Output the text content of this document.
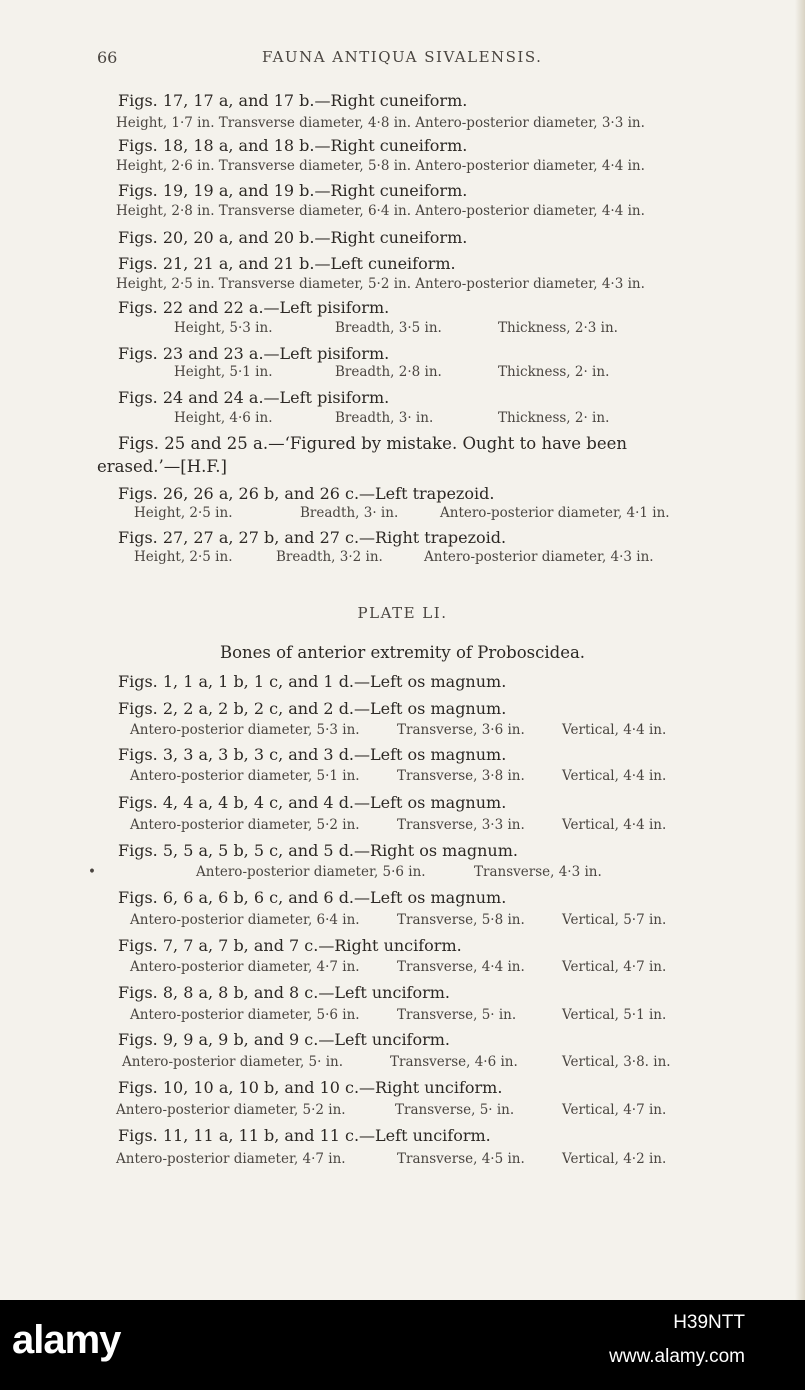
66	FAUNA ANTIQUA SIVALENSIS.
Figs. 17, 17 a, and 17 b.—Right cuneiform.
Height, 1·7 in. Transverse diameter, 4·8 in. Antero-posterior diameter, 3·3 in.
Figs. 18, 18 a, and 18 b.—Right cuneiform.
Height, 2·6 in. Transverse diameter, 5·8 in. Antero-posterior diameter, 4·4 in.
Figs. 19, 19 a, and 19 b.—Right cuneiform.
Height, 2·8 in. Transverse diameter, 6·4 in. Antero-posterior diameter, 4·4 in.
Figs. 20, 20 a, and 20 b.—Right cuneiform.
Figs. 21, 21 a, and 21 b.—Left cuneiform.
Height, 2·5 in. Transverse diameter, 5·2 in. Antero-posterior diameter, 4·3 in.
Figs. 22 and 22 a.—Left pisiform.
Height, 5·3 in.	Breadth, 3·5 in.	Thickness, 2·3 in.
Figs. 23 and 23 a.—Left pisiform.
Height, 5·1 in.	Breadth, 2·8 in.	Thickness, 2· in.
Figs. 24 and 24 a.—Left pisiform.
Height, 4·6 in.	Breadth, 3· in.	Thickness, 2· in.
Figs. 25 and 25 a.—‘Figured by mistake. Ought to have been
erased.’—[H.F.]
Figs. 26, 26 a, 26 b, and 26 c.—Left trapezoid.
Height, 2·5 in.	Breadth, 3· in.	Antero-posterior diameter, 4·1 in.
Figs. 27, 27 a, 27 b, and 27 c.—Right trapezoid.
Height, 2·5 in.	Breadth, 3·2 in.	Antero-posterior diameter, 4·3 in.
PLATE LI.
Bones of anterior extremity of Proboscidea.
Figs. 1, 1 a, 1 b, 1 c, and 1 d.—Left os magnum.
Figs. 2, 2 a, 2 b, 2 c, and 2 d.—Left os magnum.
Antero-posterior diameter, 5·3 in.	Transverse, 3·6 in.	Vertical, 4·4 in.
Figs. 3, 3 a, 3 b, 3 c, and 3 d.—Left os magnum.
Antero-posterior diameter, 5·1 in.	Transverse, 3·8 in.	Vertical, 4·4 in.
Figs. 4, 4 a, 4 b, 4 c, and 4 d.—Left os magnum.
Antero-posterior diameter, 5·2 in.	Transverse, 3·3 in.	Vertical, 4·4 in.
Figs. 5, 5 a, 5 b, 5 c, and 5 d.—Right os magnum.
•	Antero-posterior diameter, 5·6 in.	Transverse, 4·3 in.
Figs. 6, 6 a, 6 b, 6 c, and 6 d.—Left os magnum.
Antero-posterior diameter, 6·4 in.	Transverse, 5·8 in.	Vertical, 5·7 in.
Figs. 7, 7 a, 7 b, and 7 c.—Right unciform.
Antero-posterior diameter, 4·7 in.	Transverse, 4·4 in.	Vertical, 4·7 in.
Figs. 8, 8 a, 8 b, and 8 c.—Left unciform.
Antero-posterior diameter, 5·6 in.	Transverse, 5· in.	Vertical, 5·1 in.
Figs. 9, 9 a, 9 b, and 9 c.—Left unciform.
Antero-posterior diameter, 5· in.	Transverse, 4·6 in.	Vertical, 3·8. in.
Figs. 10, 10 a, 10 b, and 10 c.—Right unciform.
Antero-posterior diameter, 5·2 in.	Transverse, 5· in.	Vertical, 4·7 in.
Figs. 11, 11 a, 11 b, and 11 c.—Left unciform.
Antero-posterior diameter, 4·7 in.	Transverse, 4·5 in.	Vertical, 4·2 in.
alamy	H39NTT
www.alamy.com
